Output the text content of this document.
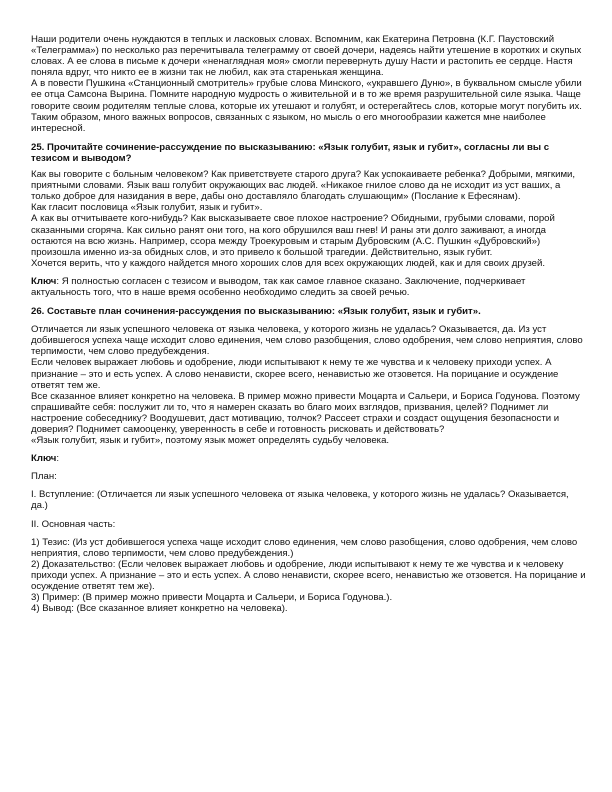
Наши родители очень нуждаются в теплых и ласковых словах. Вспомним, как Екатерина Петровна (К.Г. Паустовский «Телеграмма») по несколько раз перечитывала телеграмму от своей дочери, надеясь найти утешение в коротких и скупых словах. А ее слова в письме к дочери «ненаглядная моя» смогли перевернуть душу Насти и растопить ее сердце. Настя поняла вдруг, что никто ее в жизни так не любил, как эта старенькая женщина.

А в повести Пушкина «Станционный смотритель» грубые слова Минского, «укравшего Дуню», в буквальном смысле убили ее отца Самсона Вырина. Помните народную мудрость о живительной и в то же время разрушительной силе языка. Чаще говорите своим родителям теплые слова, которые их утешают и голубят, и остерегайтесь слов, которые могут погубить их.

Таким образом, много важных вопросов, связанных с языком, но мысль о его многообразии кажется мне наиболее интересной.

25. Прочитайте сочинение-рассуждение по высказыванию: «Язык голубит, язык и губит», согласны ли вы с тезисом и выводом?

Как вы говорите с больным человеком? Как приветствуете старого друга? Как успокаиваете ребенка? Добрыми, мягкими, приятными словами. Язык ваш голубит окружающих вас людей. «Никакое гнилое слово да не исходит из уст ваших, а только доброе для назидания в вере, дабы оно доставляло благодать слушающим» (Послание к Ефесянам).

Как гласит пословица «Язык голубит, язык и губит».

А как вы отчитываете кого-нибудь? Как высказываете свое плохое настроение? Обидными, грубыми словами, порой сказанными сгоряча. Как сильно ранят они того, на кого обрушился ваш гнев! И раны эти долго заживают, а иногда остаются на всю жизнь. Например, ссора между Троекуровым и старым Дубровским (А.С. Пушкин «Дубровский») произошла именно из-за обидных слов, и это привело к большой трагедии. Действительно, язык губит.

Хочется верить, что у каждого найдется много хороших слов для всех окружающих людей, как и для своих друзей.

Ключ: Я полностью согласен с тезисом и выводом, так как самое главное сказано. Заключение, подчеркивает актуальность того, что в наше время особенно необходимо следить за своей речью.

26. Составьте план сочинения-рассуждения по высказыванию: «Язык голубит, язык и губит».

Отличается ли язык успешного человека от языка человека, у которого жизнь не удалась? Оказывается, да. Из уст добившегося успеха чаще исходит слово единения, чем слово разобщения, слово одобрения, чем слово неприятия, слово терпимости, чем слово предубеждения.

Если человек выражает любовь и одобрение, люди испытывают к нему те же чувства и к человеку приходи успех. А признание – это и есть успех. А слово ненависти, скорее всего, ненавистью же отзовется. На порицание и осуждение ответят тем же.

Все сказанное влияет конкретно на человека. В пример можно привести Моцарта и Сальери, и Бориса Годунова. Поэтому спрашивайте себя: послужит ли то, что я намерен сказать во благо моих взглядов, призвания, целей? Поднимет ли настроение собеседнику? Воодушевит, даст мотивацию, толчок? Рассеет страхи и создаст ощущения безопасности и доверия? Поднимет самооценку, уверенность в себе и готовность рисковать и действовать?

«Язык голубит, язык и губит», поэтому язык может определять судьбу человека.

Ключ:

План:

I. Вступление: (Отличается ли язык успешного человека от языка человека, у которого жизнь не удалась? Оказывается, да.)

II. Основная часть:

1) Тезис: (Из уст добившегося успеха чаще исходит слово единения, чем слово разобщения, слово одобрения, чем слово неприятия, слово терпимости, чем слово предубеждения.)

2) Доказательство: (Если человек выражает любовь и одобрение, люди испытывают к нему те же чувства и к человеку приходи успех. А признание – это и есть успех. А слово ненависти, скорее всего, ненавистью же отзовется. На порицание и осуждение ответят тем же).

3) Пример: (В пример можно привести Моцарта и Сальери, и Бориса Годунова.).

4) Вывод: (Все сказанное влияет конкретно на человека).
